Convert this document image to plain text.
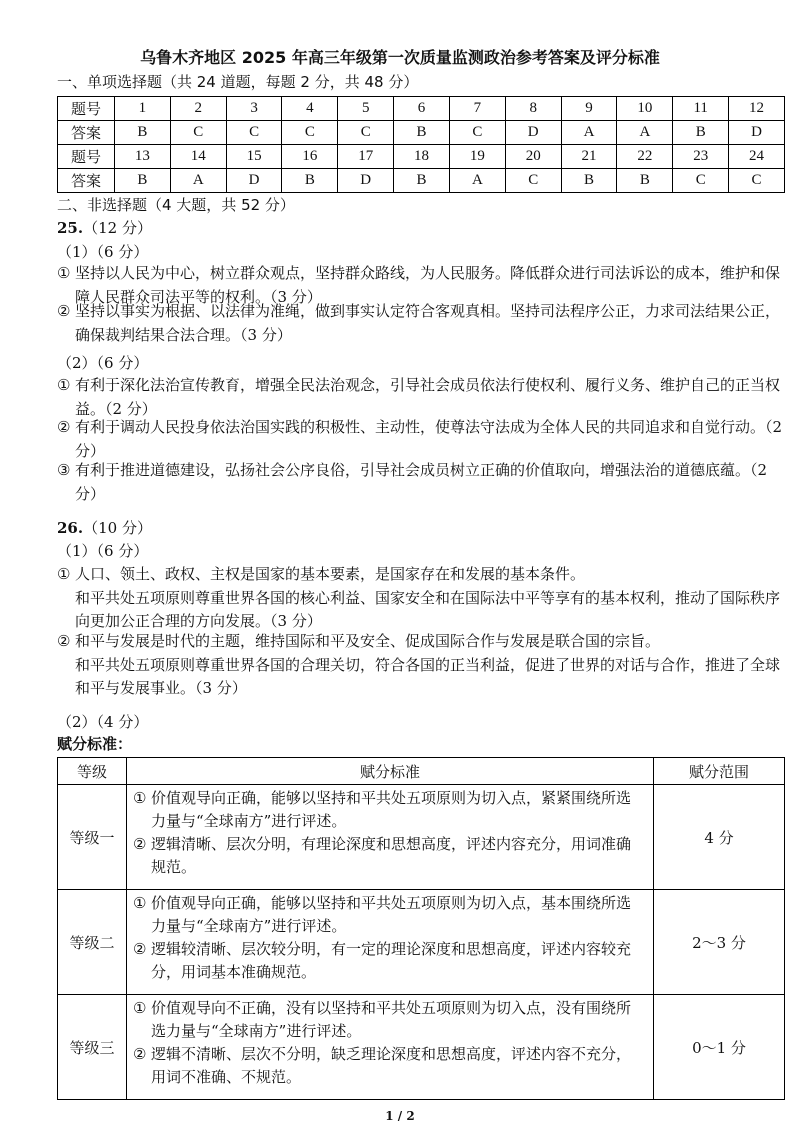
乌鲁木齐地区 2025 年高三年级第一次质量监测政治参考答案及评分标准
一、单项选择题（共 24 道题，每题 2 分，共 48 分）
题号	1	2	3	4	5	6	7	8	9	10	11	12
答案	B	C	C	C	C	B	C	D	A	A	B	D
题号	13	14	15	16	17	18	19	20	21	22	23	24
答案	B	A	D	B	D	B	A	C	B	B	C	C
二、非选择题（4 大题，共 52 分）
25.（12 分）
（1）（6 分）
① 坚持以人民为中心，树立群众观点，坚持群众路线，为人民服务。降低群众进行司法诉讼的成本，维护和保障人民群众司法平等的权利。（3 分）
② 坚持以事实为根据、以法律为准绳，做到事实认定符合客观真相。坚持司法程序公正，力求司法结果公正，确保裁判结果合法合理。（3 分）
（2）（6 分）
① 有利于深化法治宣传教育，增强全民法治观念，引导社会成员依法行使权利、履行义务、维护自己的正当权益。（2 分）
② 有利于调动人民投身依法治国实践的积极性、主动性，使尊法守法成为全体人民的共同追求和自觉行动。（2 分）
③ 有利于推进道德建设，弘扬社会公序良俗，引导社会成员树立正确的价值取向，增强法治的道德底蕴。（2 分）
26.（10 分）
（1）（6 分）
① 人口、领土、政权、主权是国家的基本要素，是国家存在和发展的基本条件。
和平共处五项原则尊重世界各国的核心利益、国家安全和在国际法中平等享有的基本权利，推动了国际秩序向更加公正合理的方向发展。（3 分）
② 和平与发展是时代的主题，维持国际和平及安全、促成国际合作与发展是联合国的宗旨。
和平共处五项原则尊重世界各国的合理关切，符合各国的正当利益，促进了世界的对话与合作，推进了全球和平与发展事业。（3 分）
（2）（4 分）
赋分标准：
等级	赋分标准	赋分范围
等级一	① 价值观导向正确，能够以坚持和平共处五项原则为切入点，紧紧围绕所选力量与“全球南方”进行评述。
② 逻辑清晰、层次分明，有理论深度和思想高度，评述内容充分，用词准确规范。	4 分
等级二	① 价值观导向正确，能够以坚持和平共处五项原则为切入点，基本围绕所选力量与“全球南方”进行评述。
② 逻辑较清晰、层次较分明，有一定的理论深度和思想高度，评述内容较充分，用词基本准确规范。	2～3 分
等级三	① 价值观导向不正确，没有以坚持和平共处五项原则为切入点，没有围绕所选力量与“全球南方”进行评述。
② 逻辑不清晰、层次不分明，缺乏理论深度和思想高度，评述内容不充分，用词不准确、不规范。	0～1 分
1 / 2
